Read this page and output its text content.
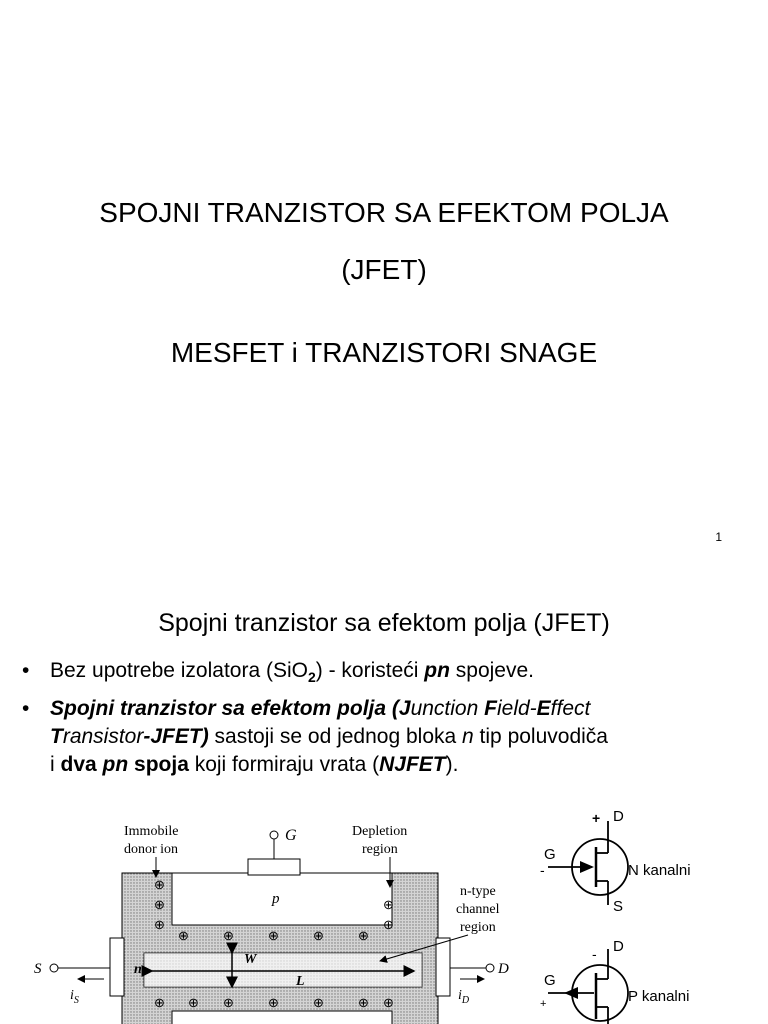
SPOJNI TRANZISTOR SA EFEKTOM POLJA
(JFET)
MESFET i TRANZISTORI SNAGE
1
Spojni tranzistor sa efektom polja (JFET)
• Bez upotrebe izolatora (SiO$_2$) - koristeći pn spojeve.
• Spojni tranzistor sa efektom polja (Junction Field-Effect
Transistor-JFET) sastoji se od jednog bloka n tip poluvodiča
i dva pn spoja koji formiraju vrata (NJFET).
⊕
⊕
⊕
⊕
⊕
⊕	⊕	⊕	⊕	⊕
⊕ ⊕ ⊕	⊕	⊕	⊕ ⊕
Immobile
donor ion
G	Depletion
region
p	n-type
channel
region
W
L
n
S
$i_S$
D
$i_D$
D
+
G
-
S
N kanalni
D
-
G
+	P kanalni
